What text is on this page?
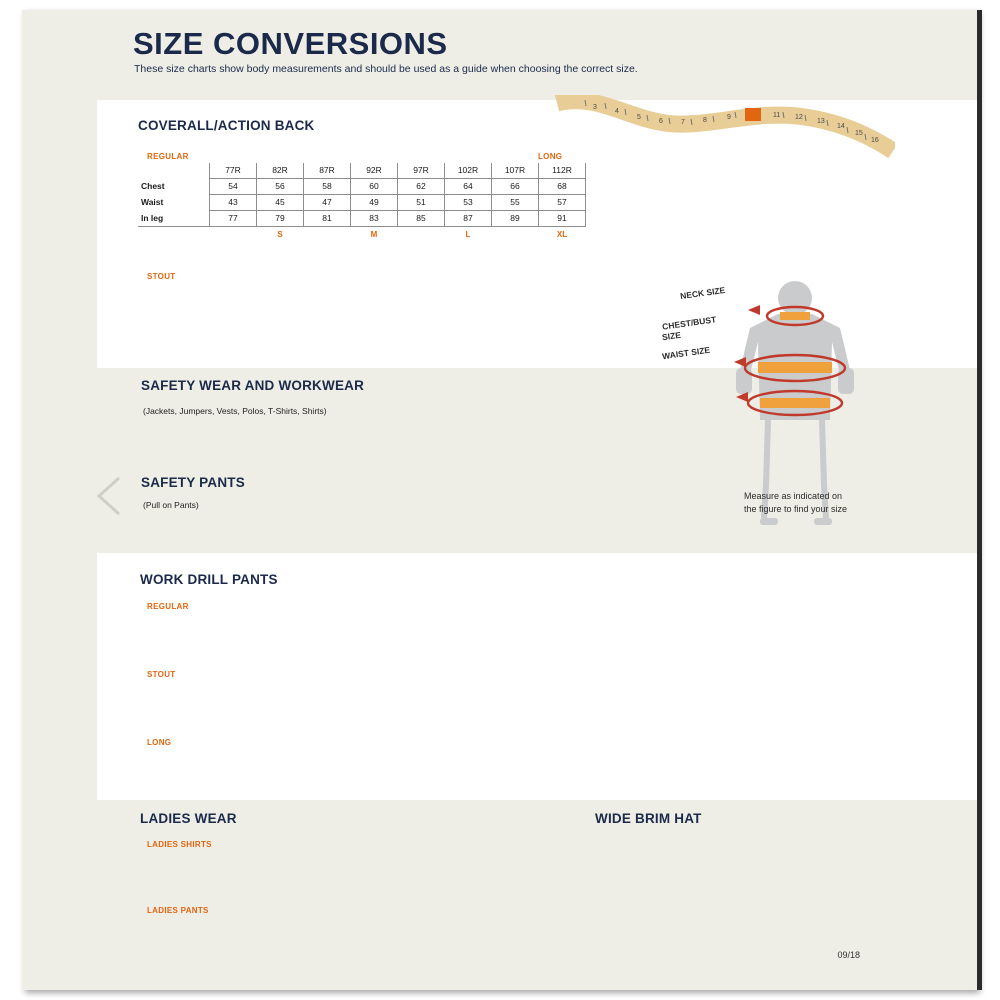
SIZE CONVERSIONS
These size charts show body measurements and should be used as a guide when choosing the correct size.
3
4
5
6	7	8	9	11 12
13
14
15
16
COVERALL/ACTION BACK
REGULAR
	77R	82R	87R	92R	97R	102R	107R	112R
Chest	54	56	58	60	62	64	66	68
Waist	43	45	47	49	51	53	55	57
In leg	77	79	81	83	85	87	89	91
		S		M		L		XL
LONG
STOUT
SAFETY WEAR AND WORKWEAR
(Jackets, Jumpers, Vests, Polos, T-Shirts, Shirts)
SAFETY PANTS
(Pull on Pants)
WORK DRILL PANTS
REGULAR
STOUT
LONG
LADIES WEAR
LADIES SHIRTS
LADIES PANTS
WIDE BRIM HAT
NECK SIZE
CHEST/BUST
SIZE
WAIST SIZE
Measure as indicated on the figure to find your size
09/18
